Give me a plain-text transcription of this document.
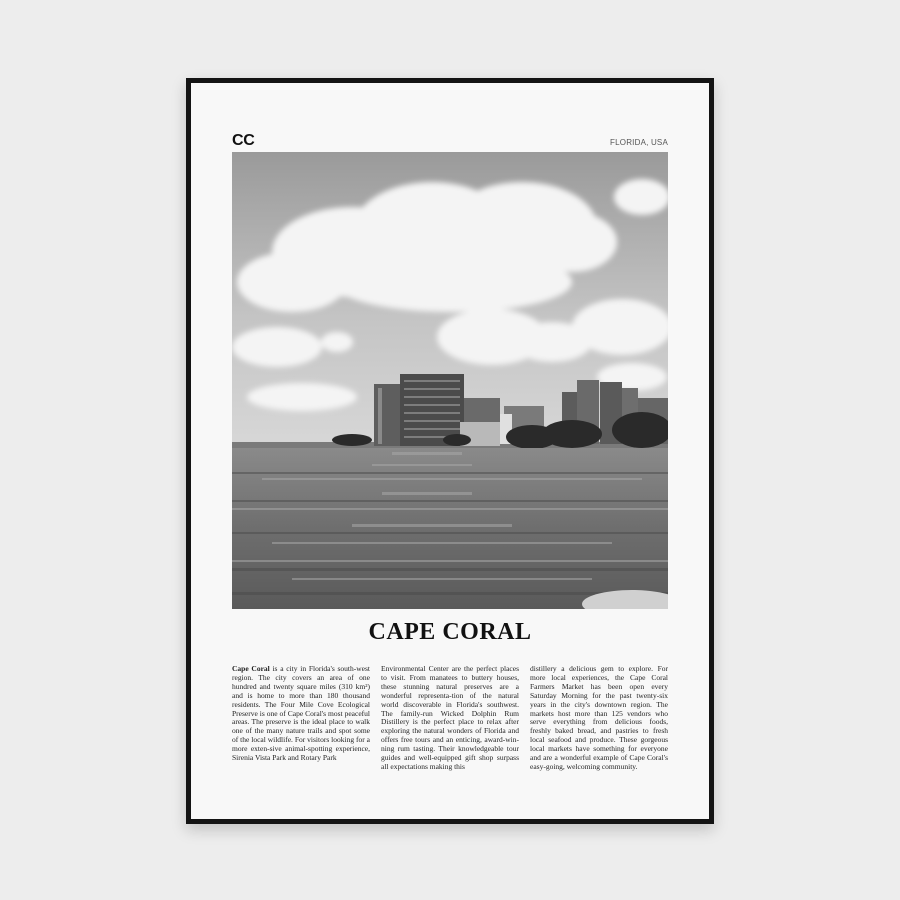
CC	FLORIDA, USA
CAPE CORAL
Cape Coral is a city in Florida's south-west region. The city covers an area of one hundred and twenty square miles (310 km²) and is home to more than 180 thousand residents. The Four Mile Cove Ecological Preserve is one of Cape Coral's most peaceful areas. The preserve is the ideal place to walk one of the many nature trails and spot some of the local wildlife. For visitors looking for a more exten-sive animal-spotting experience, Sirenia Vista Park and Rotary Park
Environmental Center are the perfect places to visit. From manatees to buttery houses, these stunning natural preserves are a wonderful representa-tion of the natural world discoverable in Florida's southwest. The family-run Wicked Dolphin Rum Distillery is the perfect place to relax after exploring the natural wonders of Florida and offers free tours and an enticing, award-win-ning rum tasting. Their knowledgeable tour guides and well-equipped gift shop surpass all expectations making this
distillery a delicious gem to explore. For more local experiences, the Cape Coral Farmers Market has been open every Saturday Morning for the past twenty-six years in the city's downtown region. The markets host more than 125 vendors who serve everything from delicious foods, freshly baked bread, and pastries to fresh local seafood and produce. These gorgeous local markets have something for everyone and are a wonderful example of Cape Coral's easy-going, welcoming community.
